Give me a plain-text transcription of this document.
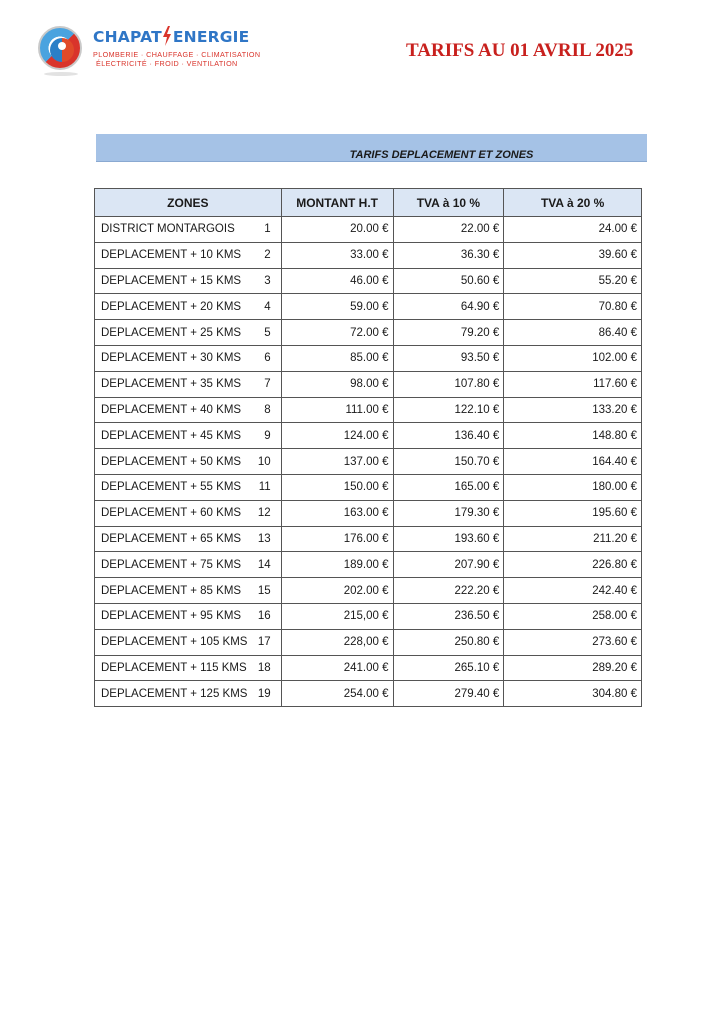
CHAPAT ENERGIE
PLOMBERIE · CHAUFFAGE · CLIMATISATION
ÉLECTRICITÉ · FROID · VENTILATION
TARIFS AU 01 AVRIL 2025
TARIFS DEPLACEMENT ET ZONES
ZONES	MONTANT H.T	TVA à 10 %	TVA à 20 %
DISTRICT MONTARGOIS 1	20.00 €	22.00 €	24.00 €
DEPLACEMENT + 10 KMS 2	33.00 €	36.30 €	39.60 €
DEPLACEMENT + 15 KMS 3	46.00 €	50.60 €	55.20 €
DEPLACEMENT + 20 KMS 4	59.00 €	64.90 €	70.80 €
DEPLACEMENT + 25 KMS 5	72.00 €	79.20 €	86.40 €
DEPLACEMENT + 30 KMS 6	85.00 €	93.50 €	102.00 €
DEPLACEMENT + 35 KMS 7	98.00 €	107.80 €	117.60 €
DEPLACEMENT + 40 KMS 8	111.00 €	122.10 €	133.20 €
DEPLACEMENT + 45 KMS 9	124.00 €	136.40 €	148.80 €
DEPLACEMENT + 50 KMS 10	137.00 €	150.70 €	164.40 €
DEPLACEMENT + 55 KMS 11	150.00 €	165.00 €	180.00 €
DEPLACEMENT + 60 KMS 12	163.00 €	179.30 €	195.60 €
DEPLACEMENT + 65 KMS 13	176.00 €	193.60 €	211.20 €
DEPLACEMENT + 75 KMS 14	189.00 €	207.90 €	226.80 €
DEPLACEMENT + 85 KMS 15	202.00 €	222.20 €	242.40 €
DEPLACEMENT + 95 KMS 16	215,00 €	236.50 €	258.00 €
DEPLACEMENT + 105 KMS 17	228,00 €	250.80 €	273.60 €
DEPLACEMENT + 115 KMS 18	241.00 €	265.10 €	289.20 €
DEPLACEMENT + 125 KMS 19	254.00 €	279.40 €	304.80 €
